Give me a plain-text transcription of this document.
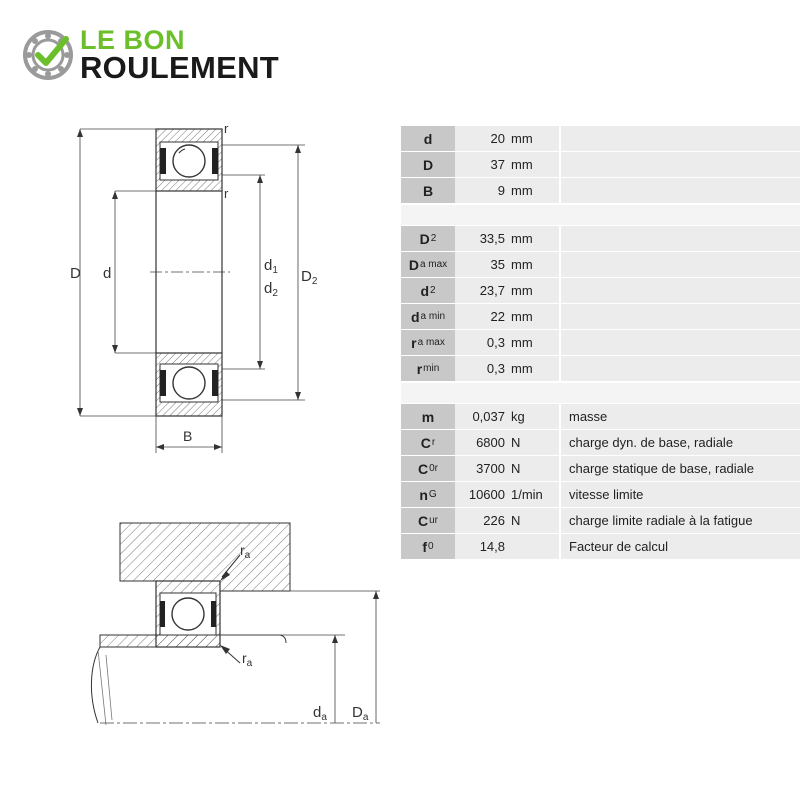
LE BON
ROULEMENT
D d	$d_1$
$d_2$
$D_2$
B
r
r
$r_a$
$r_a$
$d_a$ $D_a$
d	20 mm
D	37 mm
B	9 mm
D 2	33,5 mm
D a max	35 mm
d 2	23,7 mm
d a min	22 mm
r a max	0,3 mm
r min	0,3 mm
m	0,037 kg	masse
C r	6800 N	charge dyn. de base, radiale
C 0r	3700 N	charge statique de base, radiale
n G 10600 1/min	vitesse limite
C ur	226 N	charge limite radiale à la fatigue
f 0	14,8	Facteur de calcul
